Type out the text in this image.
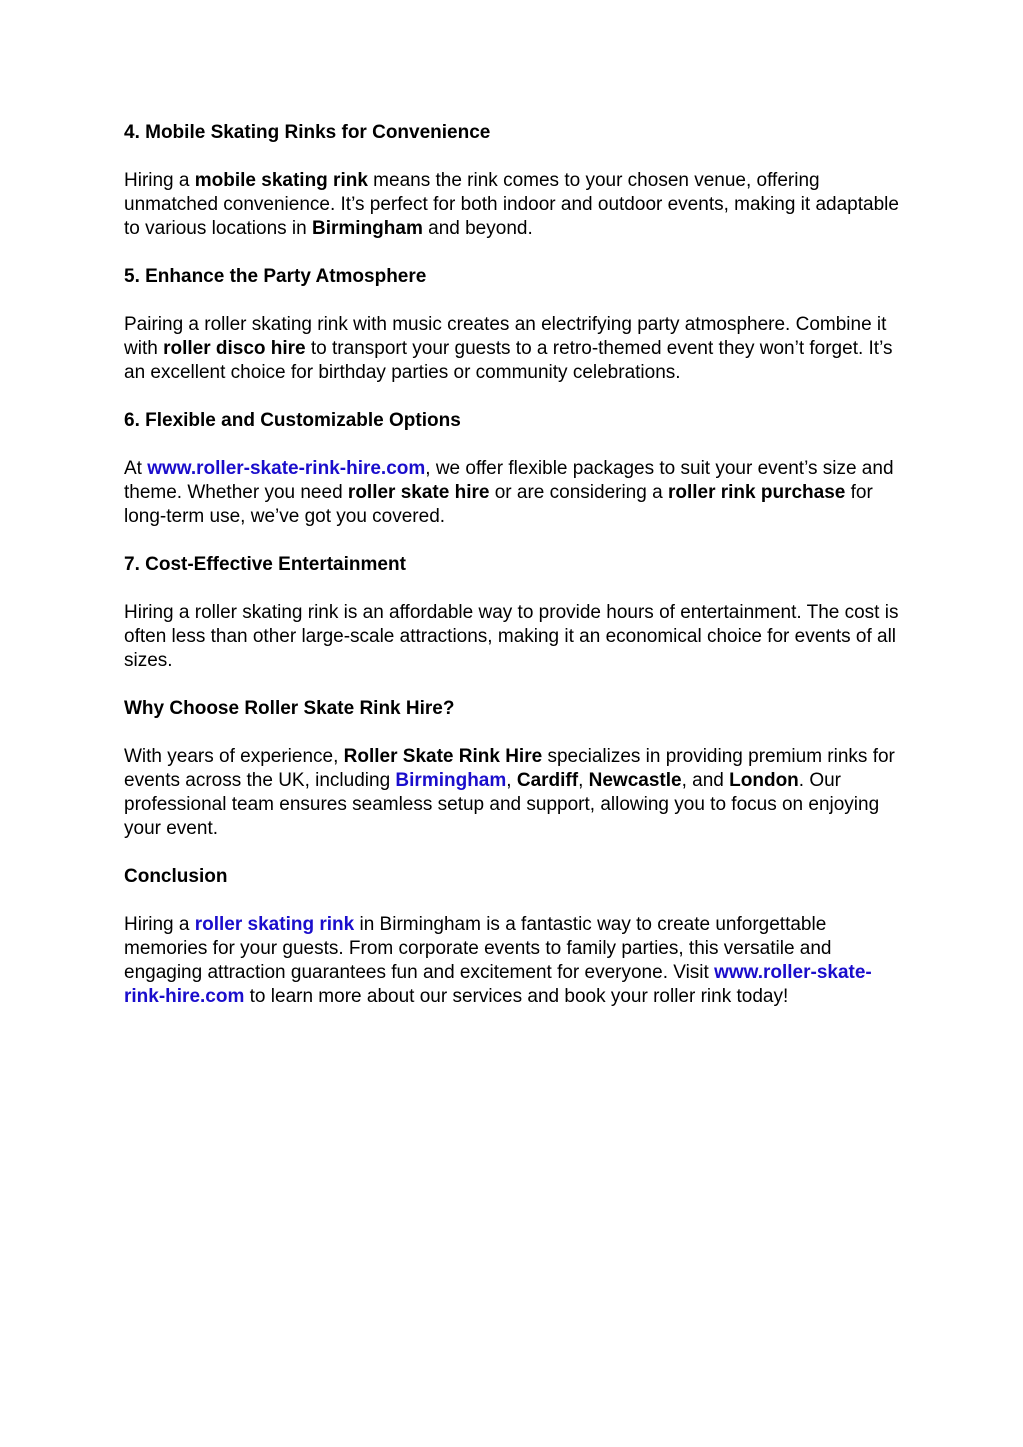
4. Mobile Skating Rinks for Convenience

Hiring a mobile skating rink means the rink comes to your chosen venue, offering unmatched convenience. It’s perfect for both indoor and outdoor events, making it adaptable to various locations in Birmingham and beyond.

5. Enhance the Party Atmosphere

Pairing a roller skating rink with music creates an electrifying party atmosphere. Combine it with roller disco hire to transport your guests to a retro-themed event they won’t forget. It’s an excellent choice for birthday parties or community celebrations.

6. Flexible and Customizable Options

At www.roller-skate-rink-hire.com, we offer flexible packages to suit your event’s size and theme. Whether you need roller skate hire or are considering a roller rink purchase for long-term use, we’ve got you covered.

7. Cost-Effective Entertainment

Hiring a roller skating rink is an affordable way to provide hours of entertainment. The cost is often less than other large-scale attractions, making it an economical choice for events of all sizes.

Why Choose Roller Skate Rink Hire?

With years of experience, Roller Skate Rink Hire specializes in providing premium rinks for events across the UK, including Birmingham, Cardiff, Newcastle, and London. Our professional team ensures seamless setup and support, allowing you to focus on enjoying your event.

Conclusion

Hiring a roller skating rink in Birmingham is a fantastic way to create unforgettable memories for your guests. From corporate events to family parties, this versatile and engaging attraction guarantees fun and excitement for everyone. Visit www.roller-skate-rink-hire.com to learn more about our services and book your roller rink today!
